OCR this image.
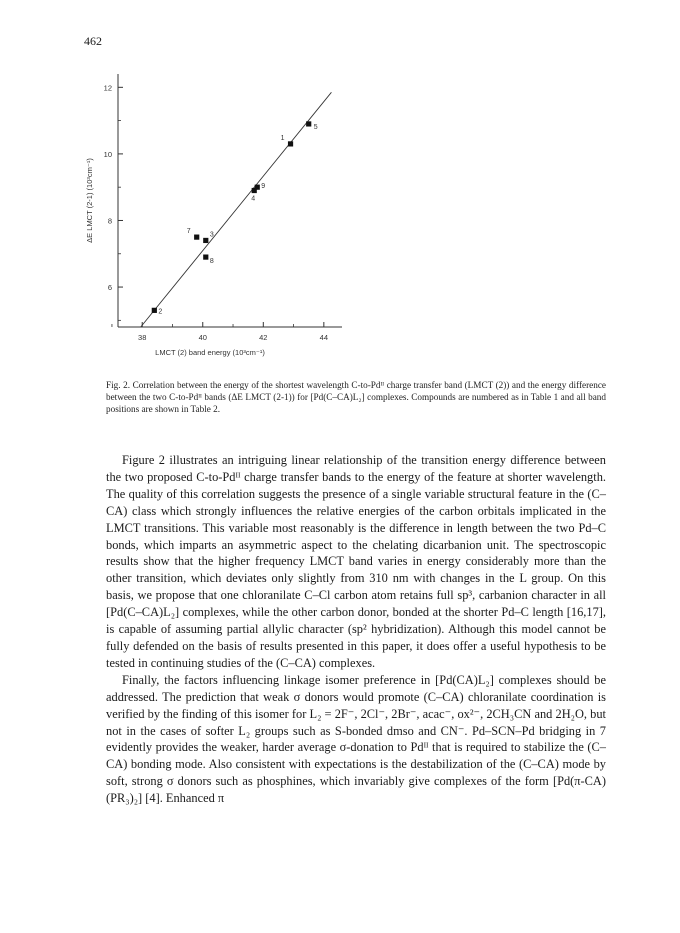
462
6
8
10
12
38	40	42	44
LMCT (2) band energy (10³cm⁻¹)
ΔE LMCT (2-1) (10³cm⁻¹)
1
2
3
4
5
7
8
9
Fig. 2. Correlation between the energy of the shortest wavelength C-to-Pdᴵᴵ charge transfer band (LMCT (2)) and the energy difference between the two C-to-Pdᴵᴵ bands (ΔE LMCT (2-1)) for [Pd(C–CA)L₂] complexes. Compounds are numbered as in Table 1 and all band positions are shown in Table 2.

Figure 2 illustrates an intriguing linear relationship of the transition energy difference between the two proposed C-to-Pdᴵᴵ charge transfer bands to the energy of the feature at shorter wavelength. The quality of this correlation suggests the presence of a single variable structural feature in the (C–CA) class which strongly influences the relative energies of the carbon orbitals implicated in the LMCT transitions. This variable most reasonably is the difference in length between the two Pd–C bonds, which imparts an asymmetric aspect to the chelating dicarbanion unit. The spectroscopic results show that the higher frequency LMCT band varies in energy considerably more than the other transition, which deviates only slightly from 310 nm with changes in the L group. On this basis, we propose that one chloranilate C–Cl carbon atom retains full sp³, carbanion character in all [Pd(C–CA)L₂] complexes, while the other carbon donor, bonded at the shorter Pd–C length [16,17], is capable of assuming partial allylic character (sp² hybridization). Although this model cannot be fully defended on the basis of results presented in this paper, it does offer a useful hypothesis to be tested in continuing studies of the (C–CA) complexes.

Finally, the factors influencing linkage isomer preference in [Pd(CA)L₂] complexes should be addressed. The prediction that weak σ donors would promote (C–CA) chloranilate coordination is verified by the finding of this isomer for L₂ = 2F⁻, 2Cl⁻, 2Br⁻, acac⁻, ox²⁻, 2CH₃CN and 2H₂O, but not in the cases of softer L₂ groups such as S-bonded dmso and CN⁻. Pd–SCN–Pd bridging in 7 evidently provides the weaker, harder average σ-donation to Pdᴵᴵ that is required to stabilize the (C–CA) bonding mode. Also consistent with expectations is the destabilization of the (C–CA) mode by soft, strong σ donors such as phosphines, which invariably give complexes of the form [Pd(π-CA)(PR₃)₂] [4]. Enhanced π
